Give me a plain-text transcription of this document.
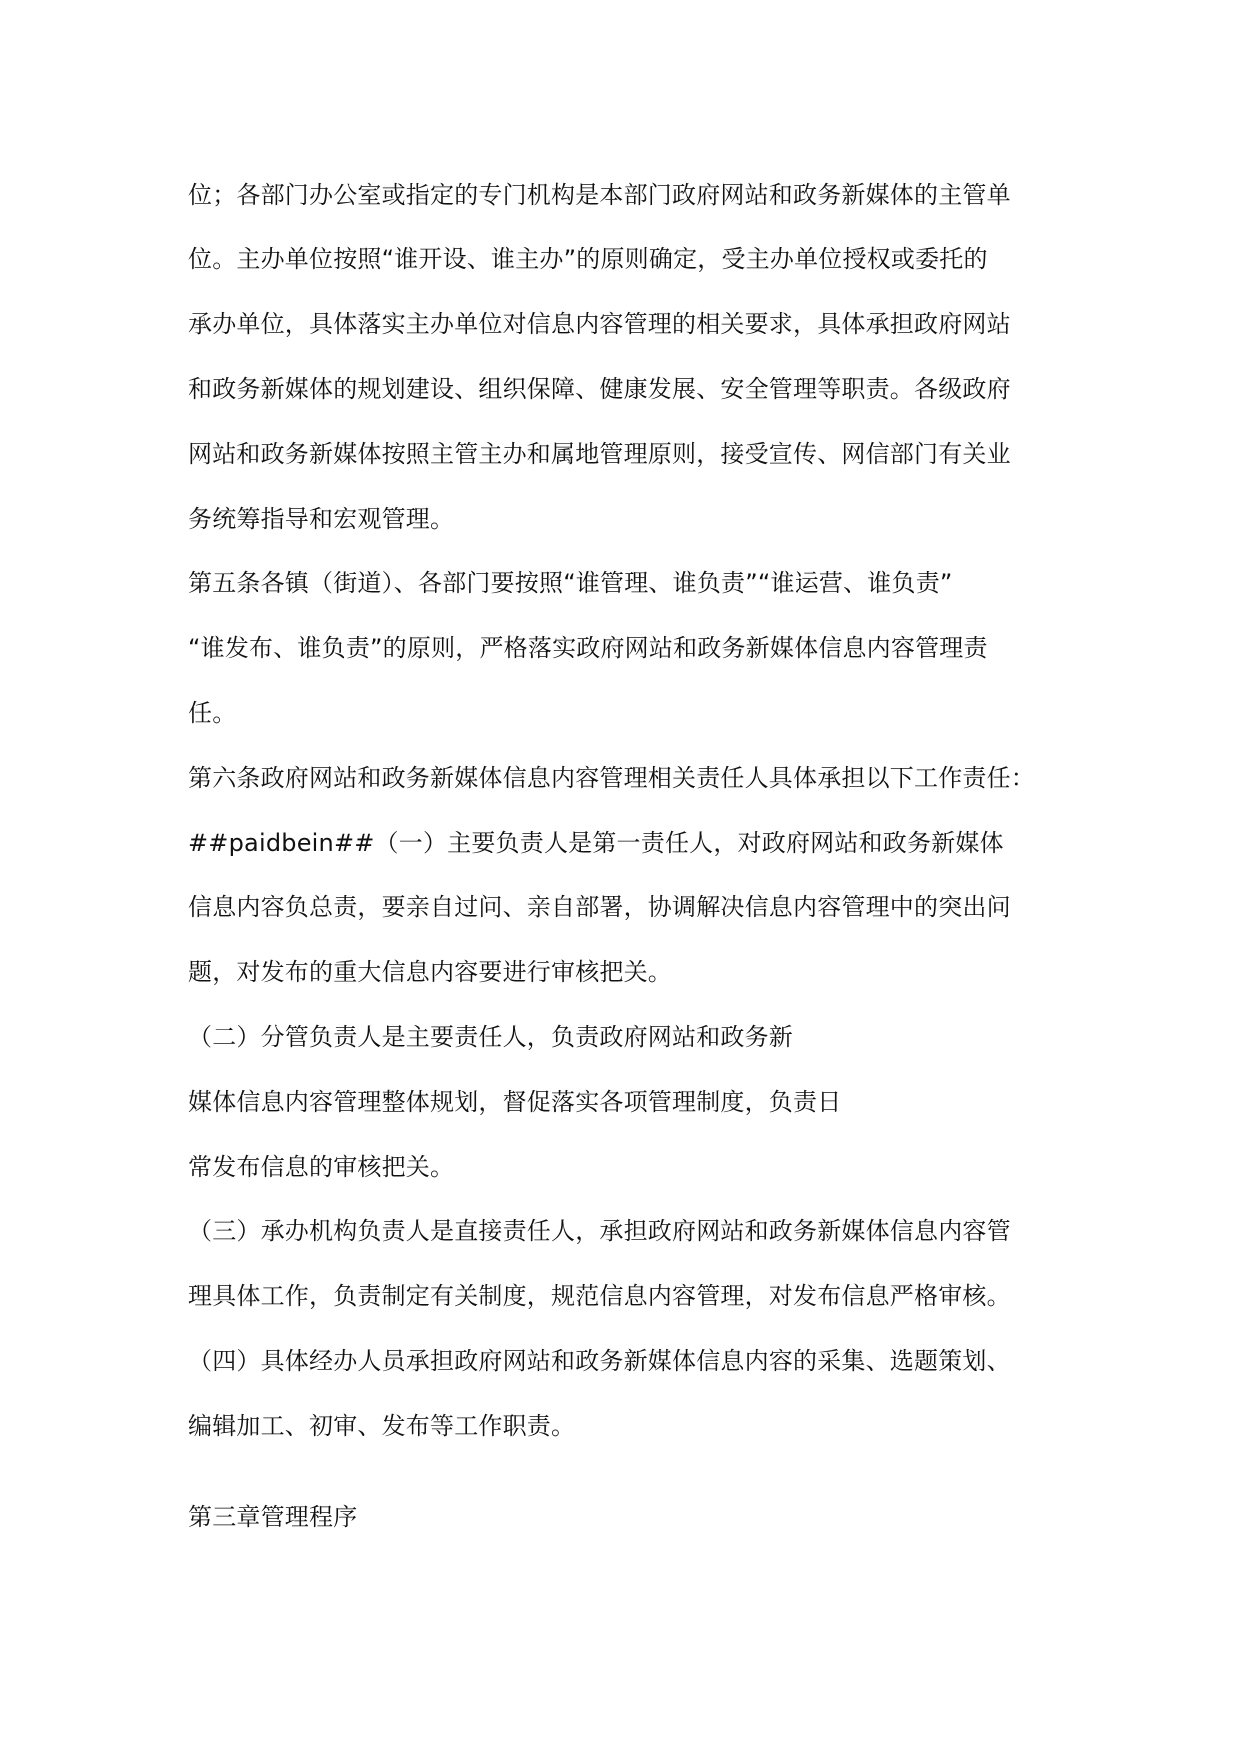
位；各部门办公室或指定的专门机构是本部门政府网站和政务新媒体的主管单
位。主办单位按照“谁开设、谁主办”的原则确定，受主办单位授权或委托的
承办单位，具体落实主办单位对信息内容管理的相关要求，具体承担政府网站
和政务新媒体的规划建设、组织保障、健康发展、安全管理等职责。各级政府
网站和政务新媒体按照主管主办和属地管理原则，接受宣传、网信部门有关业
务统筹指导和宏观管理。
第五条各镇（街道）、各部门要按照“谁管理、谁负责”“谁运营、谁负责”
“谁发布、谁负责”的原则，严格落实政府网站和政务新媒体信息内容管理责
任。
第六条政府网站和政务新媒体信息内容管理相关责任人具体承担以下工作责任：
##paidbein##（一）主要负责人是第一责任人，对政府网站和政务新媒体
信息内容负总责，要亲自过问、亲自部署，协调解决信息内容管理中的突出问
题，对发布的重大信息内容要进行审核把关。
（二）分管负责人是主要责任人，负责政府网站和政务新
媒体信息内容管理整体规划，督促落实各项管理制度，负责日
常发布信息的审核把关。
（三）承办机构负责人是直接责任人，承担政府网站和政务新媒体信息内容管
理具体工作，负责制定有关制度，规范信息内容管理，对发布信息严格审核。
（四）具体经办人员承担政府网站和政务新媒体信息内容的采集、选题策划、
编辑加工、初审、发布等工作职责。
第三章管理程序
